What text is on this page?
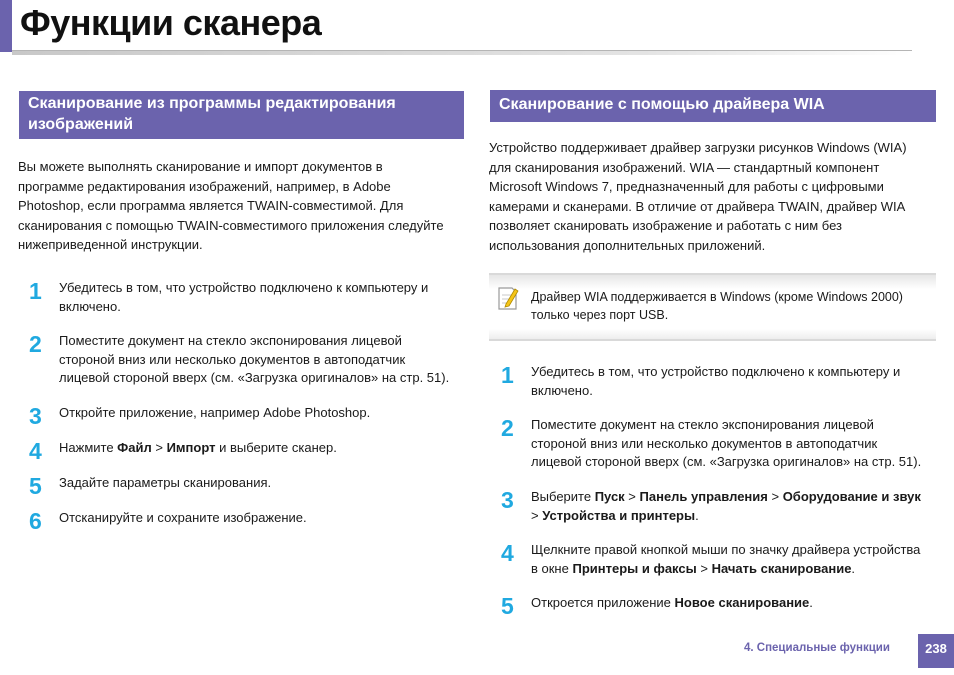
Функции сканера
Сканирование из программы редактирования
изображений
Вы можете выполнять сканирование и импорт документов в
программе редактирования изображений, например, в Adobe
Photoshop, если программа является TWAIN-совместимой. Для
сканирования с помощью TWAIN-совместимого приложения следуйте
нижеприведенной инструкции.
1	Убедитесь в том, что устройство подключено к компьютеру и
включено.
2	Поместите документ на стекло экспонирования лицевой
стороной вниз или несколько документов в автоподатчик
лицевой стороной вверх (см. «Загрузка оригиналов» на стр. 51).
3	Откройте приложение, например Adobe Photoshop.
4	Нажмите Файл > Импорт и выберите сканер.
5	Задайте параметры сканирования.
6	Отсканируйте и сохраните изображение.
Сканирование с помощью драйвера WIA
Устройство поддерживает драйвер загрузки рисунков Windows (WIA)
для сканирования изображений. WIA — стандартный компонент
Microsoft Windows 7, предназначенный для работы с цифровыми
камерами и сканерами. В отличие от драйвера TWAIN, драйвер WIA
позволяет сканировать изображение и работать с ним без
использования дополнительных приложений.
Драйвер WIA поддерживается в Windows (кроме Windows 2000)
только через порт USB.
1	Убедитесь в том, что устройство подключено к компьютеру и
включено.
2	Поместите документ на стекло экспонирования лицевой
стороной вниз или несколько документов в автоподатчик
лицевой стороной вверх (см. «Загрузка оригиналов» на стр. 51).
3	Выберите Пуск > Панель управления > Оборудование и звук
> Устройства и принтеры.
4	Щелкните правой кнопкой мыши по значку драйвера устройства
в окне Принтеры и факсы > Начать сканирование.
5	Откроется приложение Новое сканирование.
4. Специальные функции	238
